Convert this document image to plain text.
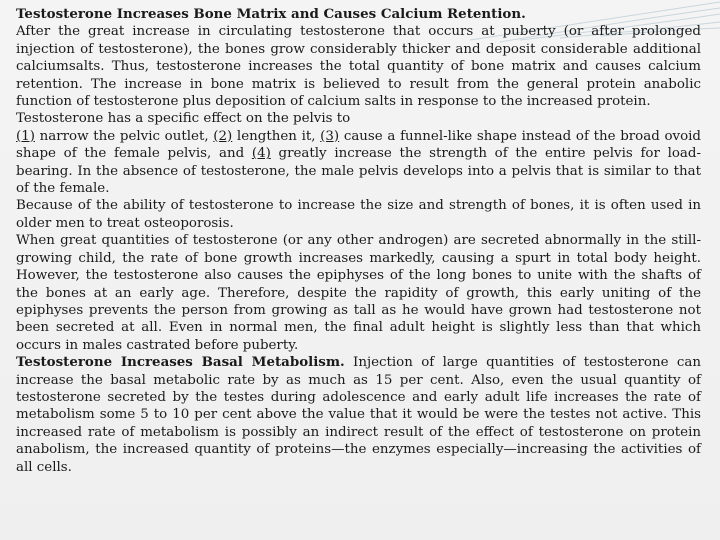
Testosterone Increases Bone Matrix and Causes Calcium Retention.

After the great increase in circulating testosterone that occurs at puberty (or after prolonged injection of testosterone), the bones grow considerably thicker and deposit considerable additional calciumsalts. Thus, testosterone increases the total quantity of bone matrix and causes calcium retention. The increase in bone matrix is believed to result from the general protein anabolic function of testosterone plus deposition of calcium salts in response to the increased protein.

Testosterone has a specific effect on the pelvis to
(1) narrow the pelvic outlet, (2) lengthen it, (3) cause a funnel-like shape instead of the broad ovoid shape of the female pelvis, and (4) greatly increase the strength of the entire pelvis for load-bearing. In the absence of testosterone, the male pelvis develops into a pelvis that is similar to that of the female.

Because of the ability of testosterone to increase the size and strength of bones, it is often used in older men to treat osteoporosis.

When great quantities of testosterone (or any other androgen) are secreted abnormally in the still-growing child, the rate of bone growth increases markedly, causing a spurt in total body height. However, the testosterone also causes the epiphyses of the long bones to unite with the shafts of the bones at an early age. Therefore, despite the rapidity of growth, this early uniting of the epiphyses prevents the person from growing as tall as he would have grown had testosterone not been secreted at all. Even in normal men, the final adult height is slightly less than that which occurs in males castrated before puberty.

Testosterone Increases Basal Metabolism. Injection of large quantities of testosterone can increase the basal metabolic rate by as much as 15 per cent. Also, even the usual quantity of testosterone secreted by the testes during adolescence and early adult life increases the rate of metabolism some 5 to 10 per cent above the value that it would be were the testes not active. This increased rate of metabolism is possibly an indirect result of the effect of testosterone on protein anabolism, the increased quantity of proteins—the enzymes especially—increasing the activities of all cells.
